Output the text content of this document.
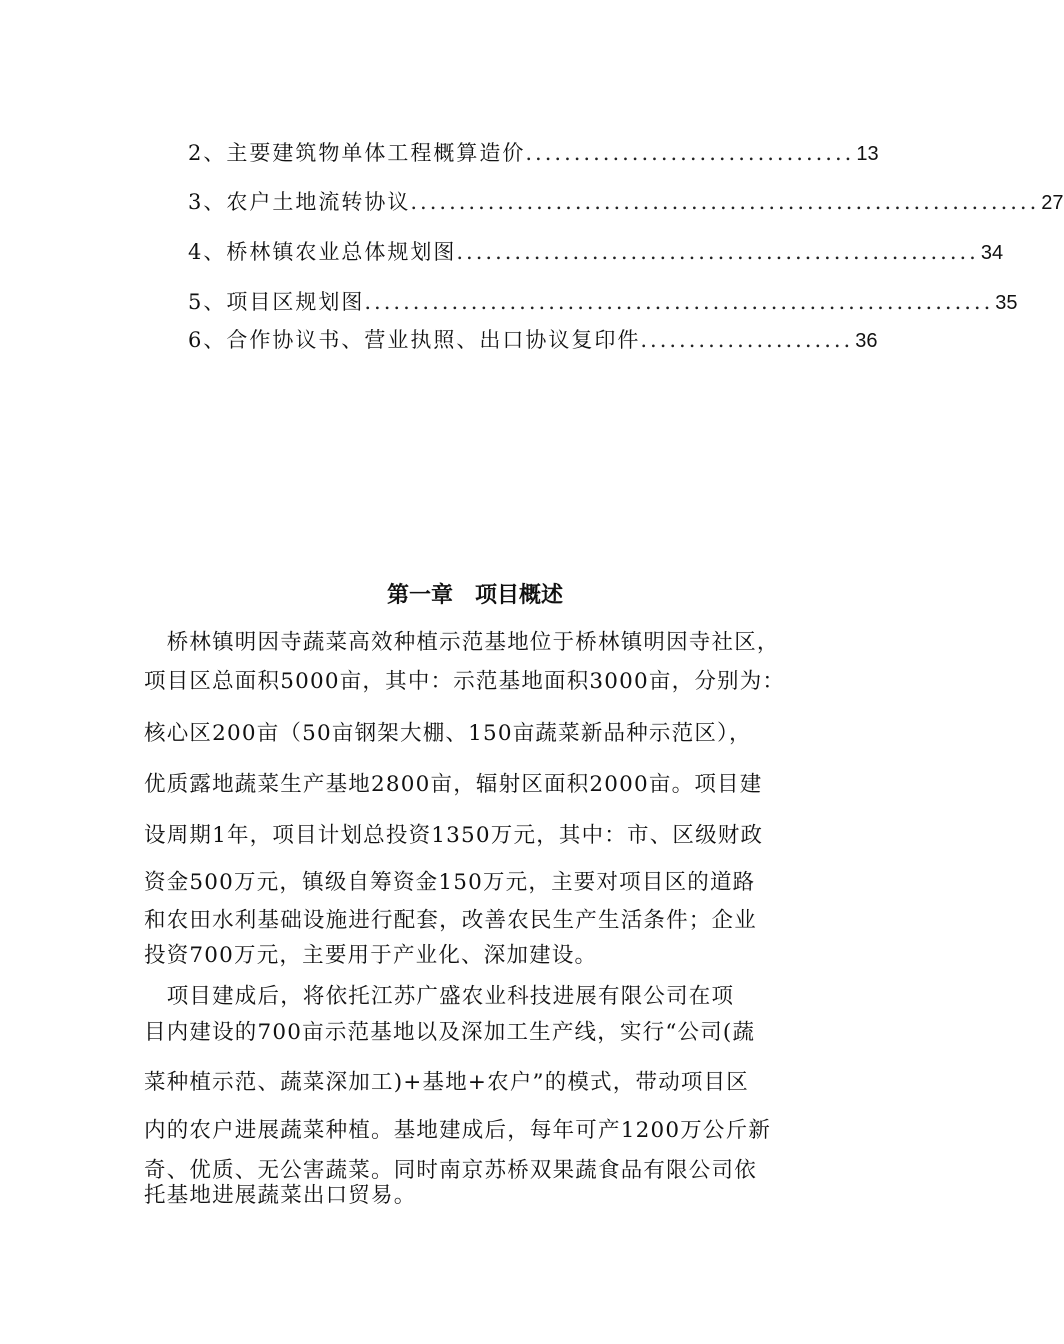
2、主要建筑物单体工程概算造价 .................................. 13
3、农户土地流转协议 ................................................................. 27
4、桥林镇农业总体规划图 ...................................................... 34
5、项目区规划图 ................................................................. 35
6、合作协议书、营业执照、出口协议复印件 ...................... 36
第一章　项目概述
　桥林镇明因寺蔬菜高效种植示范基地位于桥林镇明因寺社区，
项目区总面积5000亩，其中：示范基地面积3000亩，分别为：
核心区200亩（50亩钢架大棚、150亩蔬菜新品种示范区），
优质露地蔬菜生产基地2800亩，辐射区面积2000亩。项目建
设周期1年，项目计划总投资1350万元，其中：市、区级财政
资金500万元，镇级自筹资金150万元，主要对项目区的道路
和农田水利基础设施进行配套，改善农民生产生活条件；企业
投资700万元，主要用于产业化、深加建设。
　项目建成后，将依托江苏广盛农业科技进展有限公司在项
目内建设的700亩示范基地以及深加工生产线，实行“公司(蔬
菜种植示范、蔬菜深加工)+基地+农户”的模式，带动项目区
内的农户进展蔬菜种植。基地建成后，每年可产1200万公斤新
奇、优质、无公害蔬菜。同时南京苏桥双果蔬食品有限公司依
托基地进展蔬菜出口贸易。
